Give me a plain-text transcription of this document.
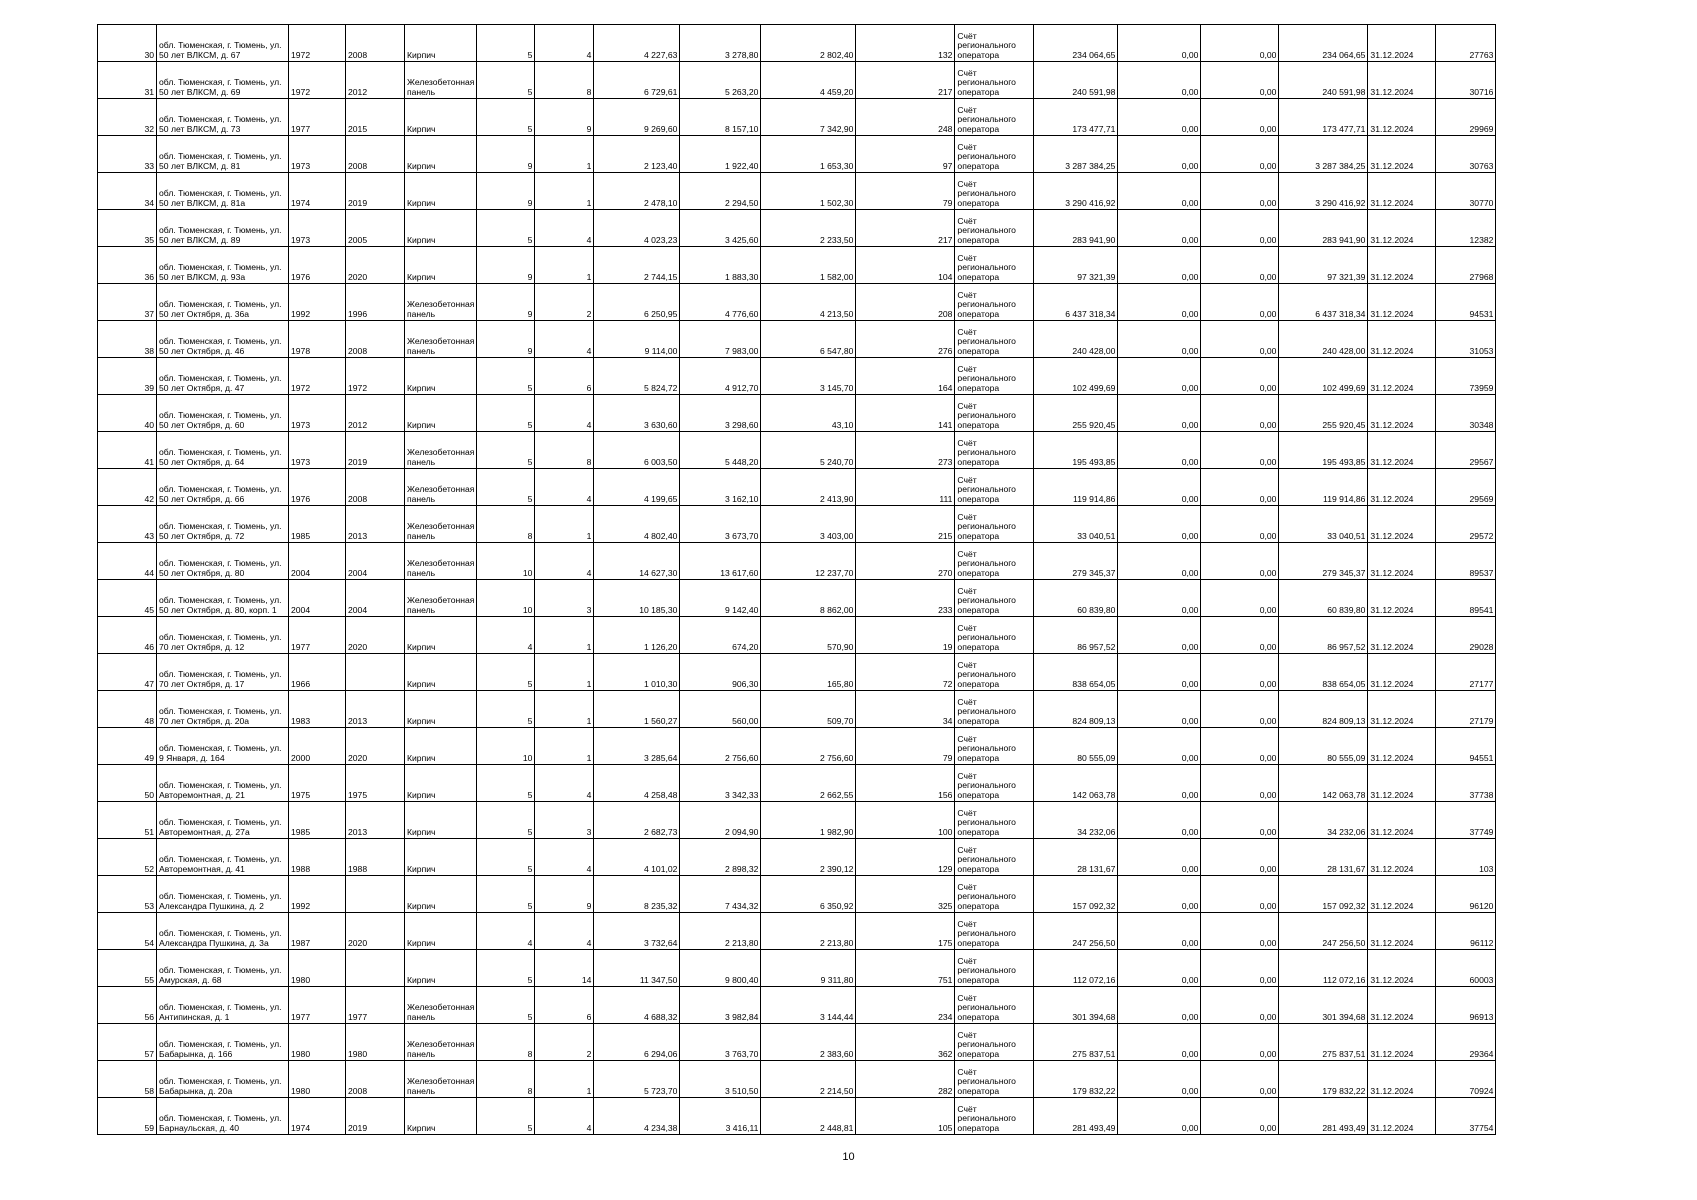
30	обл. Тюменская, г. Тюмень, ул. 50 лет ВЛКСМ, д. 67	1972	2008	Кирпич	5	4	4 227,63	3 278,80	2 802,40	132	Счёт регионального оператора	234 064,65	0,00	0,00	234 064,65	31.12.2024	27763
31	обл. Тюменская, г. Тюмень, ул. 50 лет ВЛКСМ, д. 69	1972	2012	Железобетонная панель	5	8	6 729,61	5 263,20	4 459,20	217	Счёт регионального оператора	240 591,98	0,00	0,00	240 591,98	31.12.2024	30716
32	обл. Тюменская, г. Тюмень, ул. 50 лет ВЛКСМ, д. 73	1977	2015	Кирпич	5	9	9 269,60	8 157,10	7 342,90	248	Счёт регионального оператора	173 477,71	0,00	0,00	173 477,71	31.12.2024	29969
33	обл. Тюменская, г. Тюмень, ул. 50 лет ВЛКСМ, д. 81	1973	2008	Кирпич	9	1	2 123,40	1 922,40	1 653,30	97	Счёт регионального оператора	3 287 384,25	0,00	0,00	3 287 384,25	31.12.2024	30763
34	обл. Тюменская, г. Тюмень, ул. 50 лет ВЛКСМ, д. 81а	1974	2019	Кирпич	9	1	2 478,10	2 294,50	1 502,30	79	Счёт регионального оператора	3 290 416,92	0,00	0,00	3 290 416,92	31.12.2024	30770
35	обл. Тюменская, г. Тюмень, ул. 50 лет ВЛКСМ, д. 89	1973	2005	Кирпич	5	4	4 023,23	3 425,60	2 233,50	217	Счёт регионального оператора	283 941,90	0,00	0,00	283 941,90	31.12.2024	12382
36	обл. Тюменская, г. Тюмень, ул. 50 лет ВЛКСМ, д. 93а	1976	2020	Кирпич	9	1	2 744,15	1 883,30	1 582,00	104	Счёт регионального оператора	97 321,39	0,00	0,00	97 321,39	31.12.2024	27968
37	обл. Тюменская, г. Тюмень, ул. 50 лет Октября, д. 36а	1992	1996	Железобетонная панель	9	2	6 250,95	4 776,60	4 213,50	208	Счёт регионального оператора	6 437 318,34	0,00	0,00	6 437 318,34	31.12.2024	94531
38	обл. Тюменская, г. Тюмень, ул. 50 лет Октября, д. 46	1978	2008	Железобетонная панель	9	4	9 114,00	7 983,00	6 547,80	276	Счёт регионального оператора	240 428,00	0,00	0,00	240 428,00	31.12.2024	31053
39	обл. Тюменская, г. Тюмень, ул. 50 лет Октября, д. 47	1972	1972	Кирпич	5	6	5 824,72	4 912,70	3 145,70	164	Счёт регионального оператора	102 499,69	0,00	0,00	102 499,69	31.12.2024	73959
40	обл. Тюменская, г. Тюмень, ул. 50 лет Октября, д. 60	1973	2012	Кирпич	5	4	3 630,60	3 298,60	43,10	141	Счёт регионального оператора	255 920,45	0,00	0,00	255 920,45	31.12.2024	30348
41	обл. Тюменская, г. Тюмень, ул. 50 лет Октября, д. 64	1973	2019	Железобетонная панель	5	8	6 003,50	5 448,20	5 240,70	273	Счёт регионального оператора	195 493,85	0,00	0,00	195 493,85	31.12.2024	29567
42	обл. Тюменская, г. Тюмень, ул. 50 лет Октября, д. 66	1976	2008	Железобетонная панель	5	4	4 199,65	3 162,10	2 413,90	111	Счёт регионального оператора	119 914,86	0,00	0,00	119 914,86	31.12.2024	29569
43	обл. Тюменская, г. Тюмень, ул. 50 лет Октября, д. 72	1985	2013	Железобетонная панель	8	1	4 802,40	3 673,70	3 403,00	215	Счёт регионального оператора	33 040,51	0,00	0,00	33 040,51	31.12.2024	29572
44	обл. Тюменская, г. Тюмень, ул. 50 лет Октября, д. 80	2004	2004	Железобетонная панель	10	4	14 627,30	13 617,60	12 237,70	270	Счёт регионального оператора	279 345,37	0,00	0,00	279 345,37	31.12.2024	89537
45	обл. Тюменская, г. Тюмень, ул. 50 лет Октября, д. 80, корп. 1	2004	2004	Железобетонная панель	10	3	10 185,30	9 142,40	8 862,00	233	Счёт регионального оператора	60 839,80	0,00	0,00	60 839,80	31.12.2024	89541
46	обл. Тюменская, г. Тюмень, ул. 70 лет Октября, д. 12	1977	2020	Кирпич	4	1	1 126,20	674,20	570,90	19	Счёт регионального оператора	86 957,52	0,00	0,00	86 957,52	31.12.2024	29028
47	обл. Тюменская, г. Тюмень, ул. 70 лет Октября, д. 17	1966		Кирпич	5	1	1 010,30	906,30	165,80	72	Счёт регионального оператора	838 654,05	0,00	0,00	838 654,05	31.12.2024	27177
48	обл. Тюменская, г. Тюмень, ул. 70 лет Октября, д. 20а	1983	2013	Кирпич	5	1	1 560,27	560,00	509,70	34	Счёт регионального оператора	824 809,13	0,00	0,00	824 809,13	31.12.2024	27179
49	обл. Тюменская, г. Тюмень, ул. 9 Января, д. 164	2000	2020	Кирпич	10	1	3 285,64	2 756,60	2 756,60	79	Счёт регионального оператора	80 555,09	0,00	0,00	80 555,09	31.12.2024	94551
50	обл. Тюменская, г. Тюмень, ул. Авторемонтная, д. 21	1975	1975	Кирпич	5	4	4 258,48	3 342,33	2 662,55	156	Счёт регионального оператора	142 063,78	0,00	0,00	142 063,78	31.12.2024	37738
51	обл. Тюменская, г. Тюмень, ул. Авторемонтная, д. 27а	1985	2013	Кирпич	5	3	2 682,73	2 094,90	1 982,90	100	Счёт регионального оператора	34 232,06	0,00	0,00	34 232,06	31.12.2024	37749
52	обл. Тюменская, г. Тюмень, ул. Авторемонтная, д. 41	1988	1988	Кирпич	5	4	4 101,02	2 898,32	2 390,12	129	Счёт регионального оператора	28 131,67	0,00	0,00	28 131,67	31.12.2024	103
53	обл. Тюменская, г. Тюмень, ул. Александра Пушкина, д. 2	1992		Кирпич	5	9	8 235,32	7 434,32	6 350,92	325	Счёт регионального оператора	157 092,32	0,00	0,00	157 092,32	31.12.2024	96120
54	обл. Тюменская, г. Тюмень, ул. Александра Пушкина, д. 3а	1987	2020	Кирпич	4	4	3 732,64	2 213,80	2 213,80	175	Счёт регионального оператора	247 256,50	0,00	0,00	247 256,50	31.12.2024	96112
55	обл. Тюменская, г. Тюмень, ул. Амурская, д. 68	1980		Кирпич	5	14	11 347,50	9 800,40	9 311,80	751	Счёт регионального оператора	112 072,16	0,00	0,00	112 072,16	31.12.2024	60003
56	обл. Тюменская, г. Тюмень, ул. Антипинская, д. 1	1977	1977	Железобетонная панель	5	6	4 688,32	3 982,84	3 144,44	234	Счёт регионального оператора	301 394,68	0,00	0,00	301 394,68	31.12.2024	96913
57	обл. Тюменская, г. Тюмень, ул. Бабарынка, д. 166	1980	1980	Железобетонная панель	8	2	6 294,06	3 763,70	2 383,60	362	Счёт регионального оператора	275 837,51	0,00	0,00	275 837,51	31.12.2024	29364
58	обл. Тюменская, г. Тюмень, ул. Бабарынка, д. 20а	1980	2008	Железобетонная панель	8	1	5 723,70	3 510,50	2 214,50	282	Счёт регионального оператора	179 832,22	0,00	0,00	179 832,22	31.12.2024	70924
59	обл. Тюменская, г. Тюмень, ул. Барнаульская, д. 40	1974	2019	Кирпич	5	4	4 234,38	3 416,11	2 448,81	105	Счёт регионального оператора	281 493,49	0,00	0,00	281 493,49	31.12.2024	37754
10
